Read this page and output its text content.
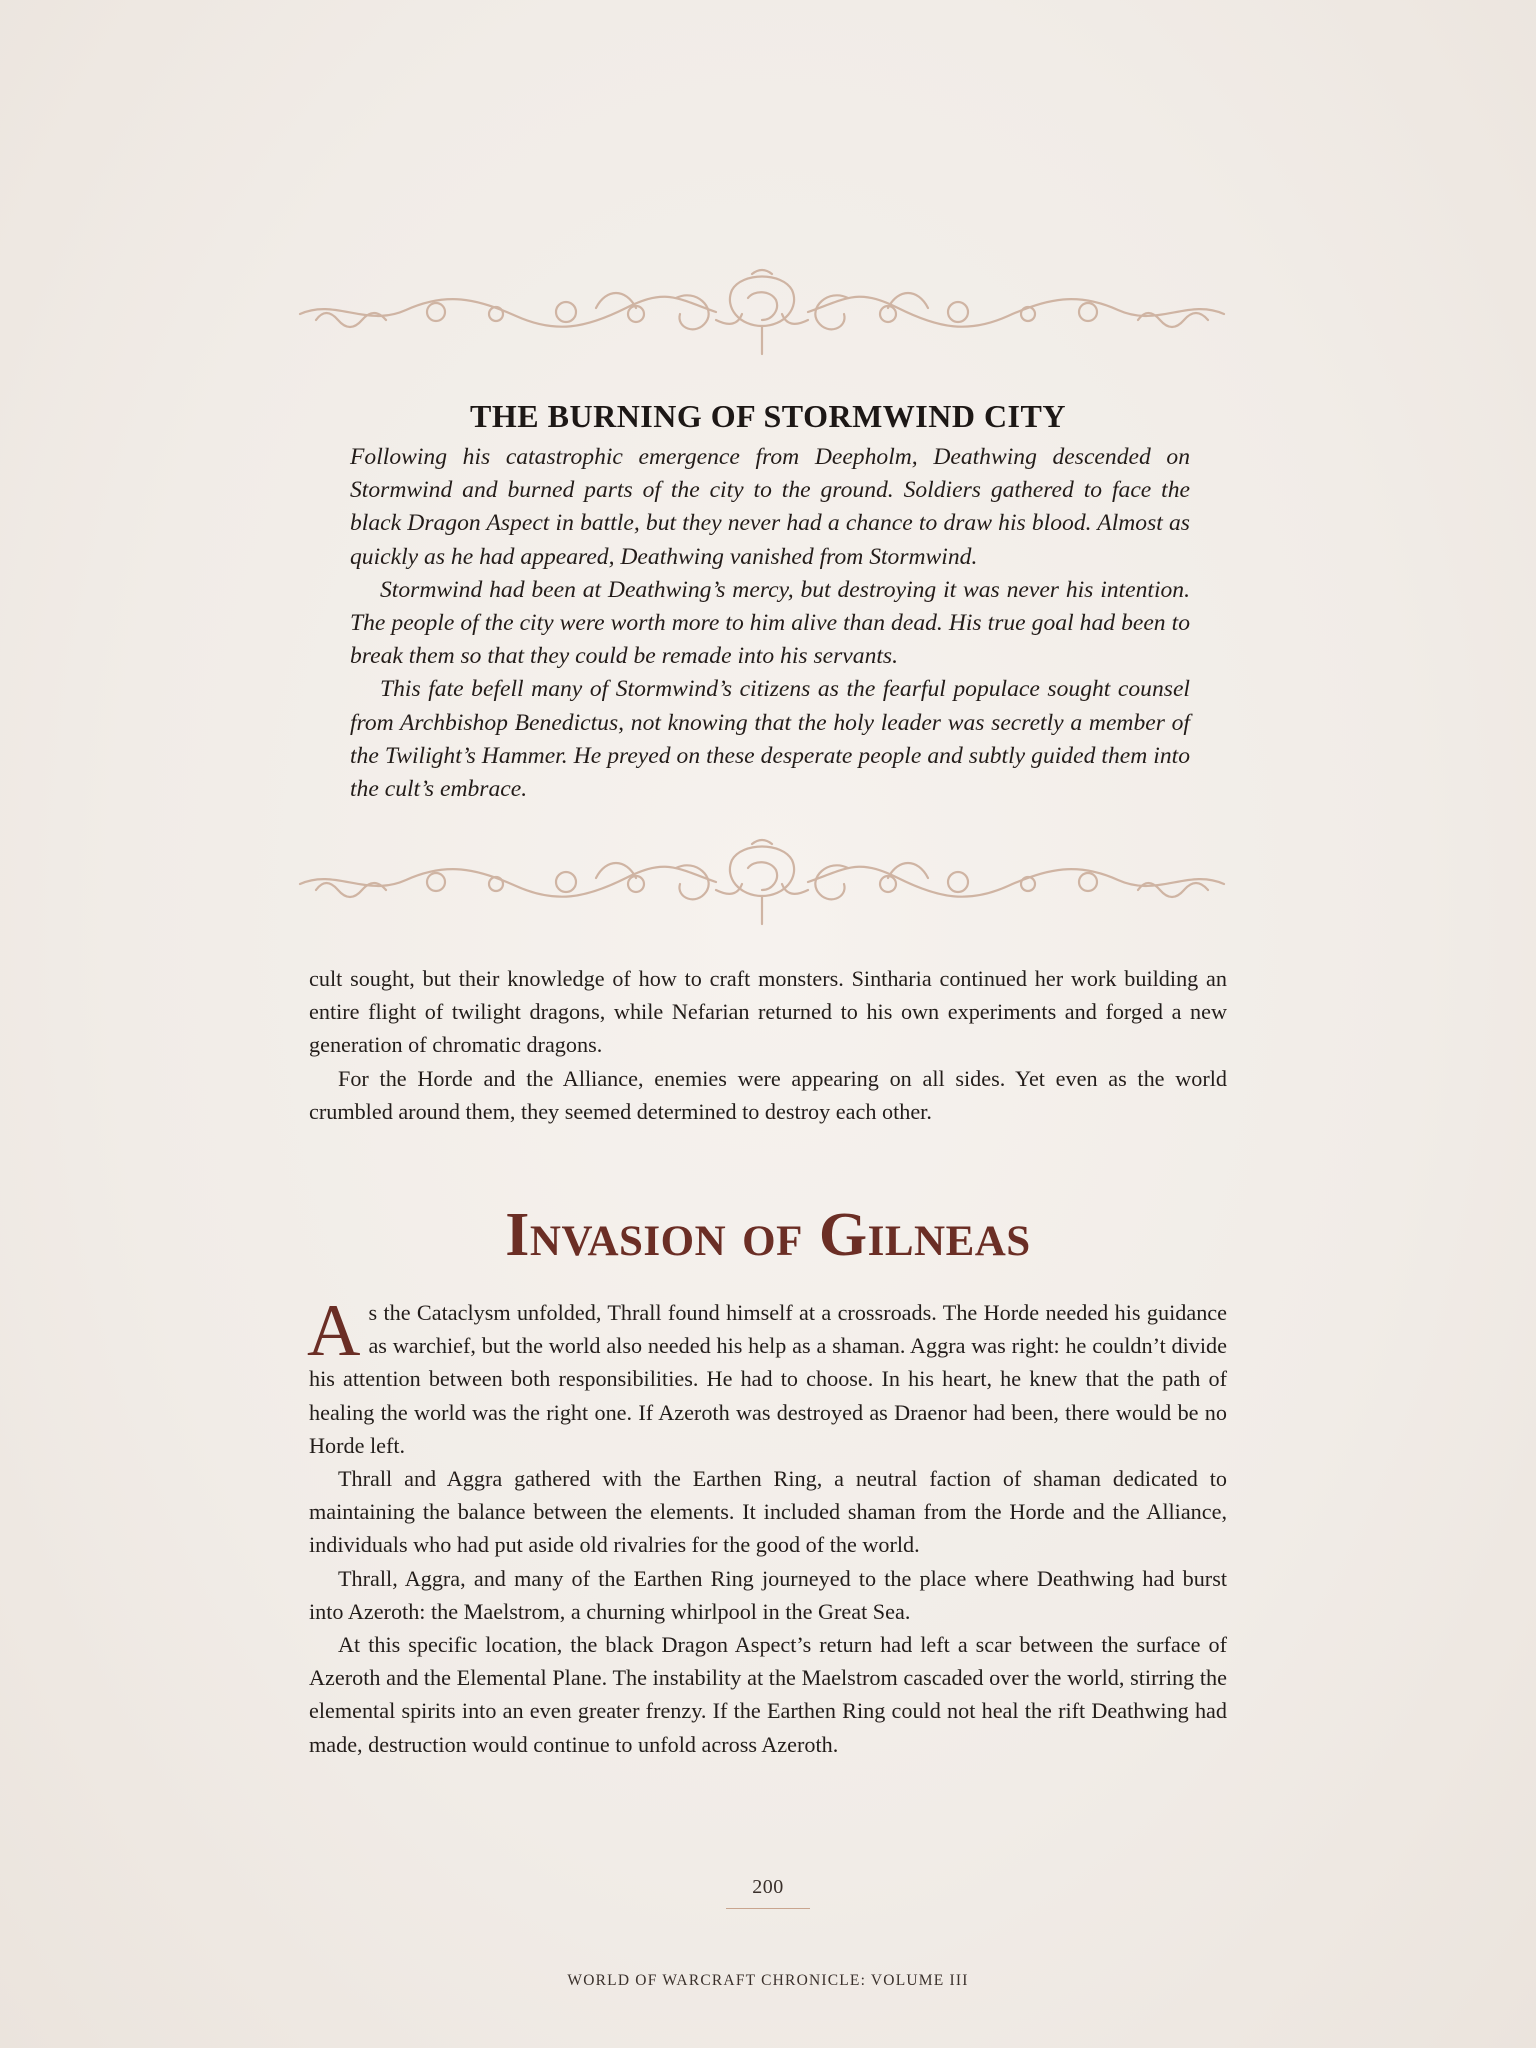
THE BURNING OF STORMWIND CITY

Following his catastrophic emergence from Deepholm, Deathwing descended on Stormwind and burned parts of the city to the ground. Soldiers gathered to face the black Dragon Aspect in battle, but they never had a chance to draw his blood. Almost as quickly as he had appeared, Deathwing vanished from Stormwind.

Stormwind had been at Deathwing’s mercy, but destroying it was never his intention. The people of the city were worth more to him alive than dead. His true goal had been to break them so that they could be remade into his servants.

This fate befell many of Stormwind’s citizens as the fearful populace sought counsel from Archbishop Benedictus, not knowing that the holy leader was secretly a member of the Twilight’s Hammer. He preyed on these desperate people and subtly guided them into the cult’s embrace.

cult sought, but their knowledge of how to craft monsters. Sintharia continued her work building an entire flight of twilight dragons, while Nefarian returned to his own experiments and forged a new generation of chromatic dragons.

For the Horde and the Alliance, enemies were appearing on all sides. Yet even as the world crumbled around them, they seemed determined to destroy each other.

Invasion of Gilneas

As the Cataclysm unfolded, Thrall found himself at a crossroads. The Horde needed his guidance as warchief, but the world also needed his help as a shaman. Aggra was right: he couldn’t divide his attention between both responsibilities. He had to choose. In his heart, he knew that the path of healing the world was the right one. If Azeroth was destroyed as Draenor had been, there would be no Horde left.

Thrall and Aggra gathered with the Earthen Ring, a neutral faction of shaman dedicated to maintaining the balance between the elements. It included shaman from the Horde and the Alliance, individuals who had put aside old rivalries for the good of the world.

Thrall, Aggra, and many of the Earthen Ring journeyed to the place where Deathwing had burst into Azeroth: the Maelstrom, a churning whirlpool in the Great Sea.

At this specific location, the black Dragon Aspect’s return had left a scar between the surface of Azeroth and the Elemental Plane. The instability at the Maelstrom cascaded over the world, stirring the elemental spirits into an even greater frenzy. If the Earthen Ring could not heal the rift Deathwing had made, destruction would continue to unfold across Azeroth.

200
WORLD OF WARCRAFT CHRONICLE: VOLUME III
